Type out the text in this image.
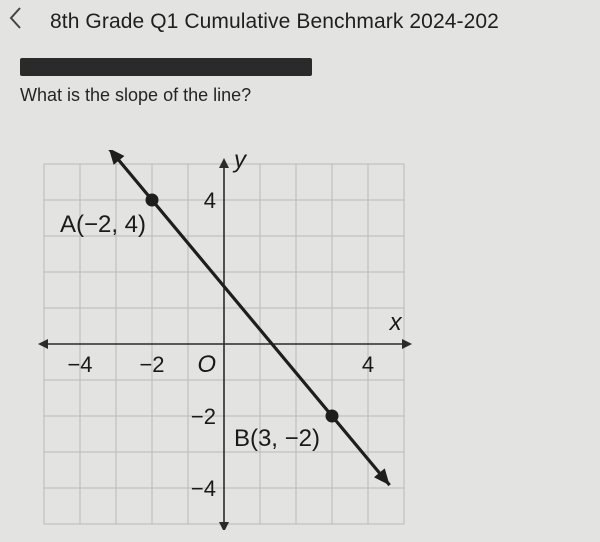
8th Grade Q1 Cumulative Benchmark 2024-202
What is the slope of the line?
x
y
−4 −2	4
4
−2
−4
O
A(−2, 4)
B(3, −2)
